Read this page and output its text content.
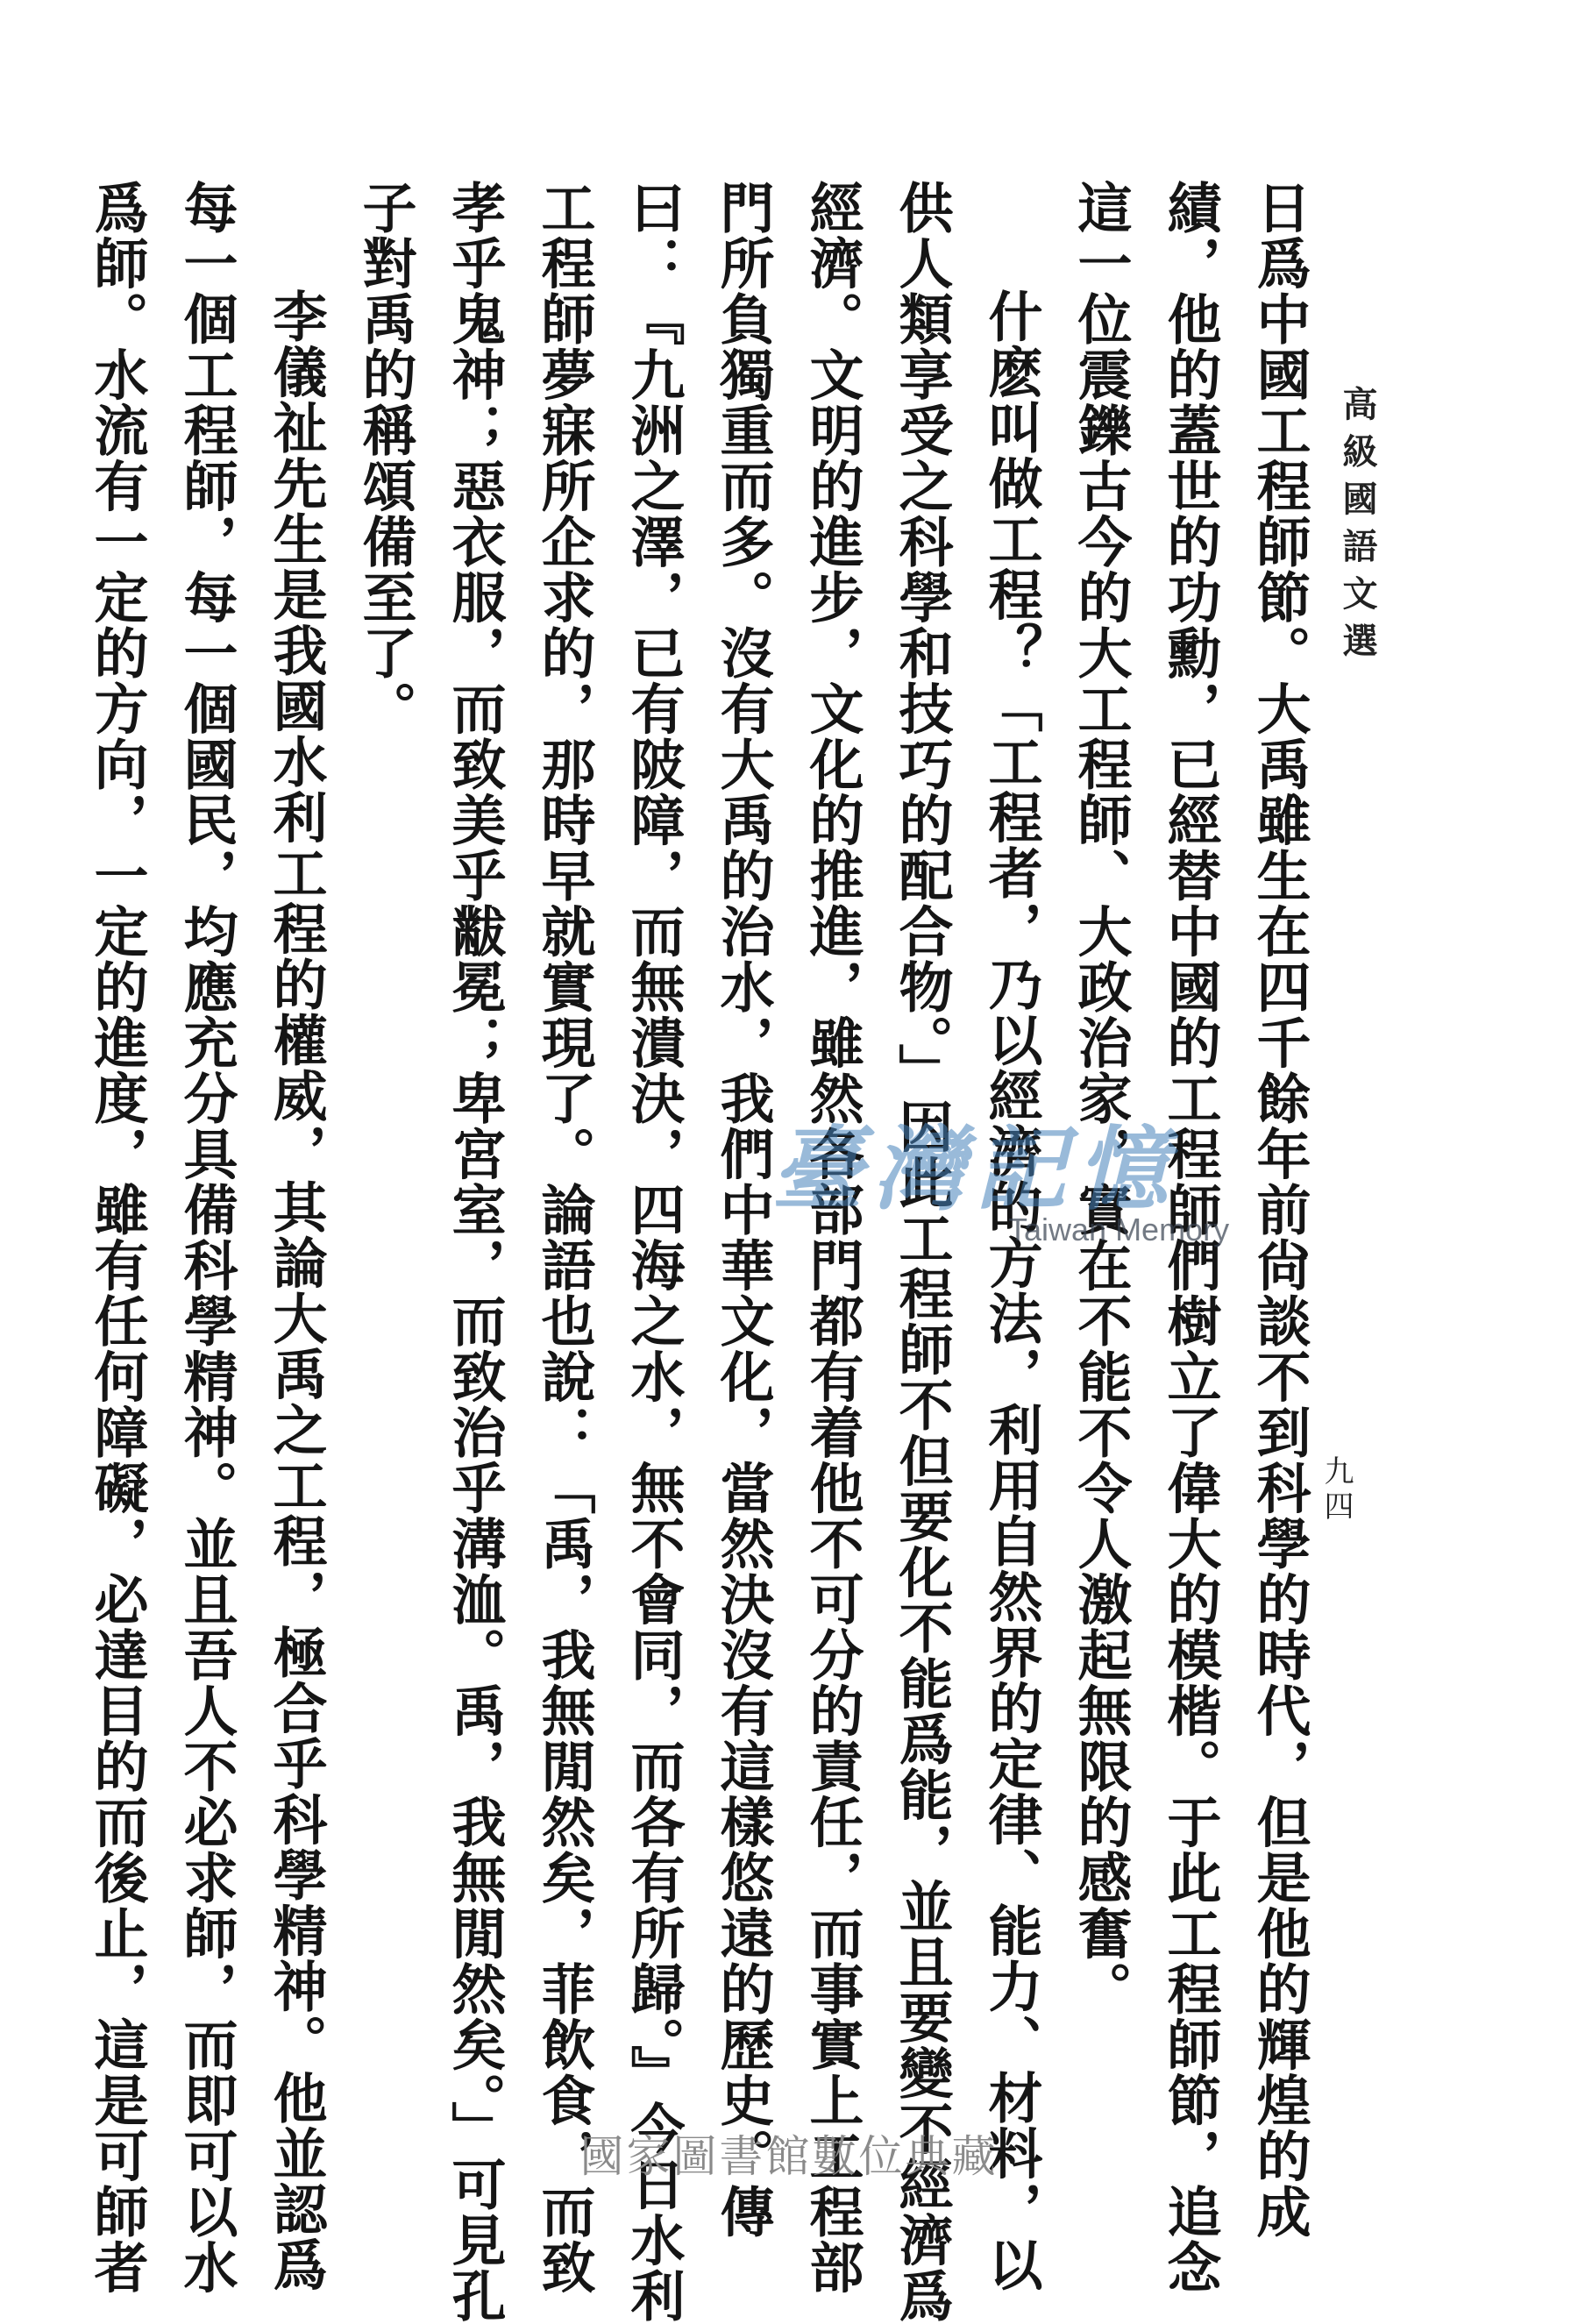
高級國語文選
九四
日爲中國工程師節。大禹雖生在四千餘年前尙談不到科學的時代，但是他的輝煌的成
績，他的蓋世的功勳，已經替中國的工程師們樹立了偉大的模楷。于此工程師節，追念
這一位震鑠古今的大工程師、大政治家，實在不能不令人激起無限的感奮。
什麽叫做工程？「工程者，乃以經濟的方法，利用自然界的定律、能力、材料，以
供人類享受之科學和技巧的配合物。」因此工程師不但要化不能爲能，並且要變不經濟爲
經濟。文明的進步，文化的推進，雖然各部門都有着他不可分的責任，而事實上工程部
門所負獨重而多。沒有大禹的治水，我們中華文化，當然決沒有這樣悠遠的歷史。傳
曰：『九洲之澤，已有陂障，而無潰決，四海之水，無不會同，而各有所歸。』今日水利
工程師夢寐所企求的，那時早就實現了。論語也說：「禹，我無閒然矣，菲飲食，而致
孝乎鬼神；惡衣服，而致美乎黻冕；卑宮室，而致治乎溝洫。禹，我無閒然矣。」可見孔
子對禹的稱頌備至了。
李儀祉先生是我國水利工程的權威，其論大禹之工程，極合乎科學精神。他並認爲
每一個工程師，每一個國民，均應充分具備科學精神。並且吾人不必求師，而即可以水
爲師。水流有一定的方向，一定的進度，雖有任何障礙，必達目的而後止，這是可師者	臺灣記憶
Taiwan Memory
國家圖書館數位典藏
